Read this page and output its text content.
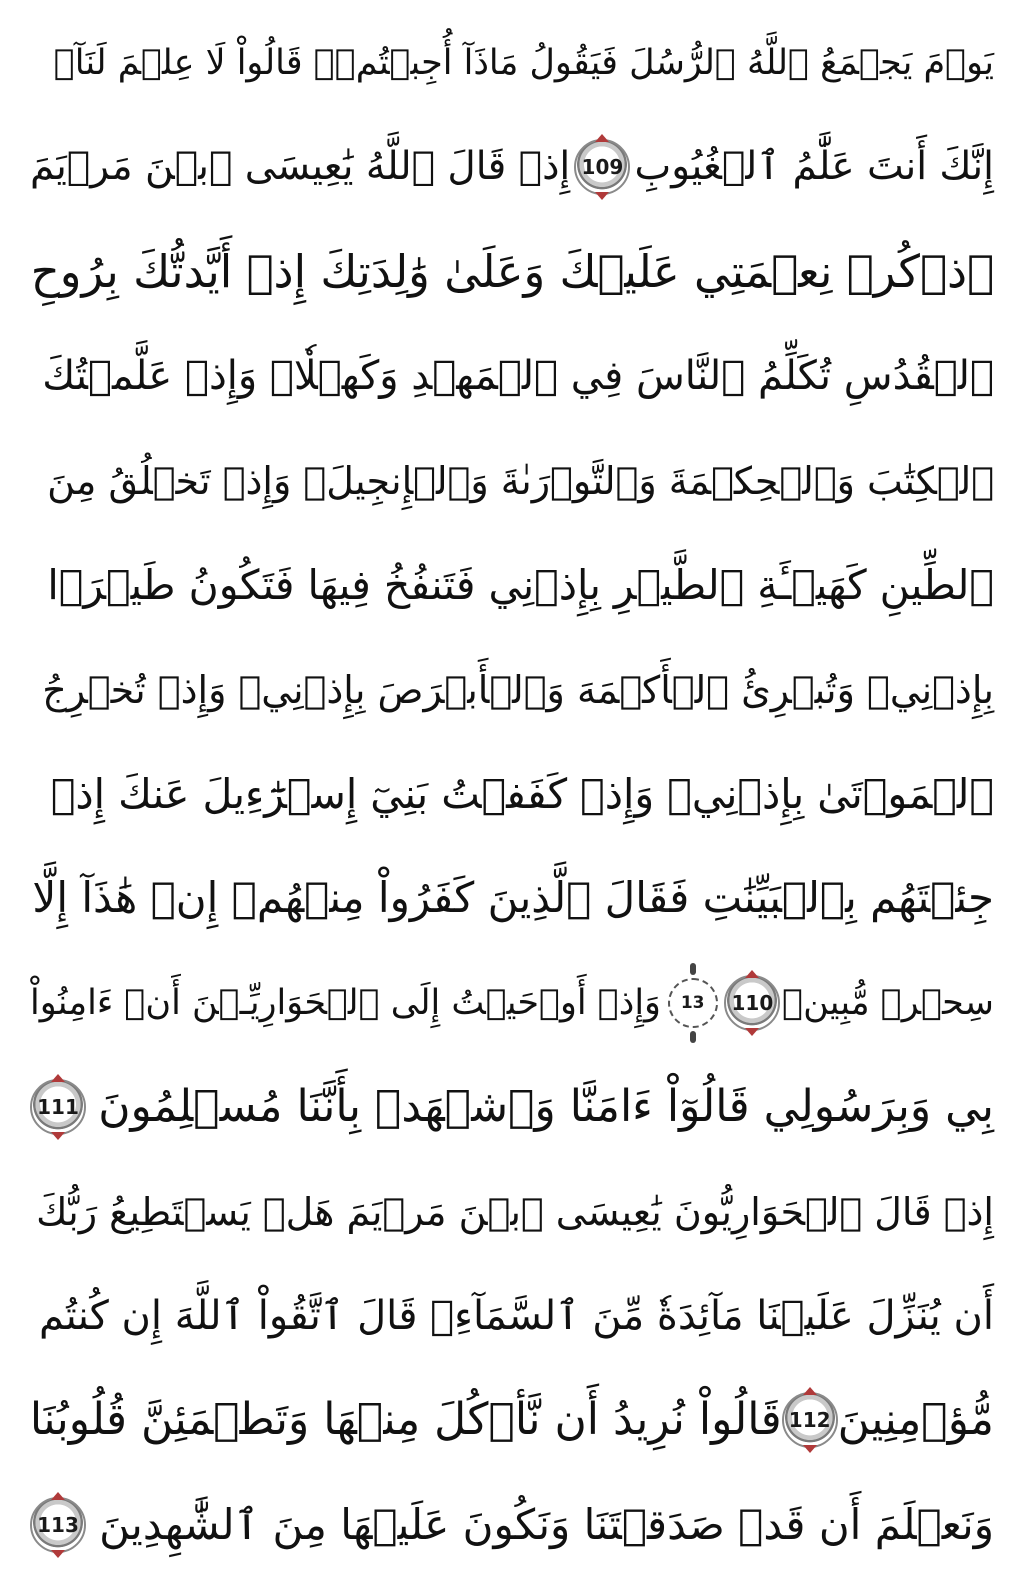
يَوۡمَ يَجۡمَعُ ٱللَّهُ ٱلرُّسُلَ فَيَقُولُ مَاذَآ أُجِبۡتُمۡۖ قَالُواْ لَا عِلۡمَ لَنَآۖ
إِنَّكَ أَنتَ عَلَّٰمُ ٱلۡغُيُوبِ
109
إِذۡ قَالَ ٱللَّهُ يَٰعِيسَى ٱبۡنَ مَرۡيَمَ
ٱذۡكُرۡ نِعۡمَتِي عَلَيۡكَ وَعَلَىٰ وَٰلِدَتِكَ إِذۡ أَيَّدتُّكَ بِرُوحِ
ٱلۡقُدُسِ تُكَلِّمُ ٱلنَّاسَ فِي ٱلۡمَهۡدِ وَكَهۡلٗاۖ وَإِذۡ عَلَّمۡتُكَ
ٱلۡكِتَٰبَ وَٱلۡحِكۡمَةَ وَٱلتَّوۡرَىٰةَ وَٱلۡإِنجِيلَۖ وَإِذۡ تَخۡلُقُ مِنَ
ٱلطِّينِ كَهَيۡـَٔةِ ٱلطَّيۡرِ بِإِذۡنِي فَتَنفُخُ فِيهَا فَتَكُونُ طَيۡرَۢا
بِإِذۡنِيۖ وَتُبۡرِئُ ٱلۡأَكۡمَهَ وَٱلۡأَبۡرَصَ بِإِذۡنِيۖ وَإِذۡ تُخۡرِجُ
ٱلۡمَوۡتَىٰ بِإِذۡنِيۖ وَإِذۡ كَفَفۡتُ بَنِيٓ إِسۡرَٰٓءِيلَ عَنكَ إِذۡ
جِئۡتَهُم بِٱلۡبَيِّنَٰتِ فَقَالَ ٱلَّذِينَ كَفَرُواْ مِنۡهُمۡ إِنۡ هَٰذَآ إِلَّا
سِحۡرٞ مُّبِينٞ
110
13
وَإِذۡ أَوۡحَيۡتُ إِلَى ٱلۡحَوَارِيِّـۧنَ أَنۡ ءَامِنُواْ
بِي وَبِرَسُولِي قَالُوٓاْ ءَامَنَّا وَٱشۡهَدۡ بِأَنَّنَا مُسۡلِمُونَ
111
إِذۡ قَالَ ٱلۡحَوَارِيُّونَ يَٰعِيسَى ٱبۡنَ مَرۡيَمَ هَلۡ يَسۡتَطِيعُ رَبُّكَ
أَن يُنَزِّلَ عَلَيۡنَا مَآئِدَةٗ مِّنَ ٱلسَّمَآءِۖ قَالَ ٱتَّقُواْ ٱللَّهَ إِن كُنتُم
مُّؤۡمِنِينَ
112
قَالُواْ نُرِيدُ أَن نَّأۡكُلَ مِنۡهَا وَتَطۡمَئِنَّ قُلُوبُنَا
وَنَعۡلَمَ أَن قَدۡ صَدَقۡتَنَا وَنَكُونَ عَلَيۡهَا مِنَ ٱلشَّٰهِدِينَ
113
